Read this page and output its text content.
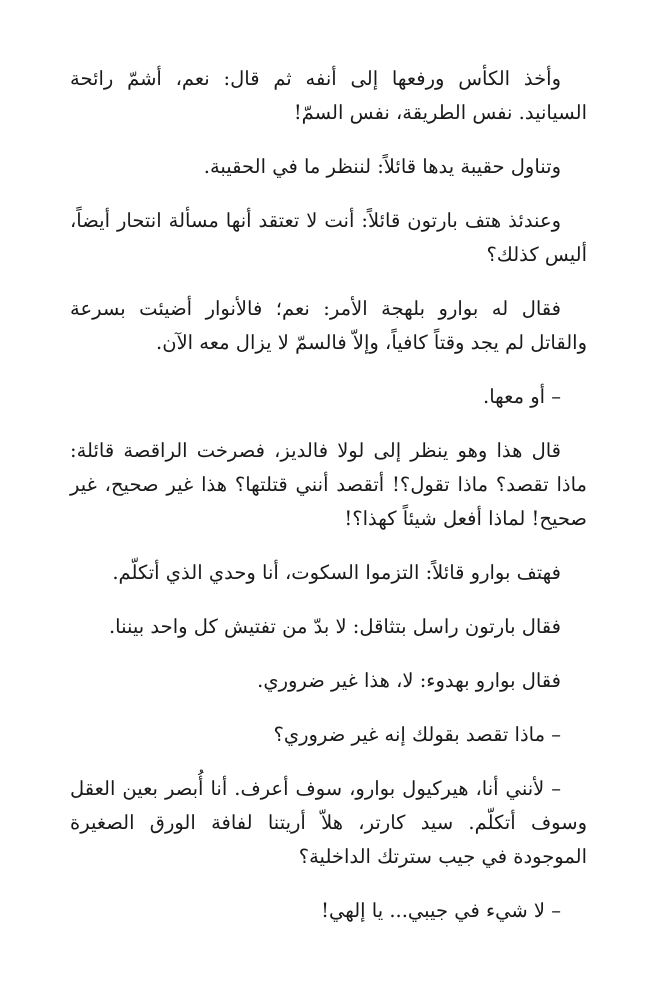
وأخذ الكأس ورفعها إلى أنفه ثم قال: نعم، أشمّ رائحة السيانيد. نفس الطريقة، نفس السمّ!

وتناول حقيبة يدها قائلاً: لننظر ما في الحقيبة.

وعندئذ هتف بارتون قائلاً: أنت لا تعتقد أنها مسألة انتحار أيضاً، أليس كذلك؟

فقال له بوارو بلهجة الأمر: نعم؛ فالأنوار أضيئت بسرعة والقاتل لم يجد وقتاً كافياً، وإلاّ فالسمّ لا يزال معه الآن.

– أو معها.

قال هذا وهو ينظر إلى لولا فالديز، فصرخت الراقصة قائلة: ماذا تقصد؟ ماذا تقول؟! أتقصد أنني قتلتها؟ هذا غير صحيح، غير صحيح! لماذا أفعل شيئاً كهذا؟!

فهتف بوارو قائلاً: التزموا السكوت، أنا وحدي الذي أتكلّم.

فقال بارتون راسل بتثاقل: لا بدّ من تفتيش كل واحد بيننا.

فقال بوارو بهدوء: لا، هذا غير ضروري.

– ماذا تقصد بقولك إنه غير ضروري؟

– لأنني أنا، هيركيول بوارو، سوف أعرف. أنا أُبصر بعين العقل وسوف أتكلّم. سيد كارتر، هلاّ أريتنا لفافة الورق الصغيرة الموجودة في جيب سترتك الداخلية؟

– لا شيء في جيبي... يا إلهي!
